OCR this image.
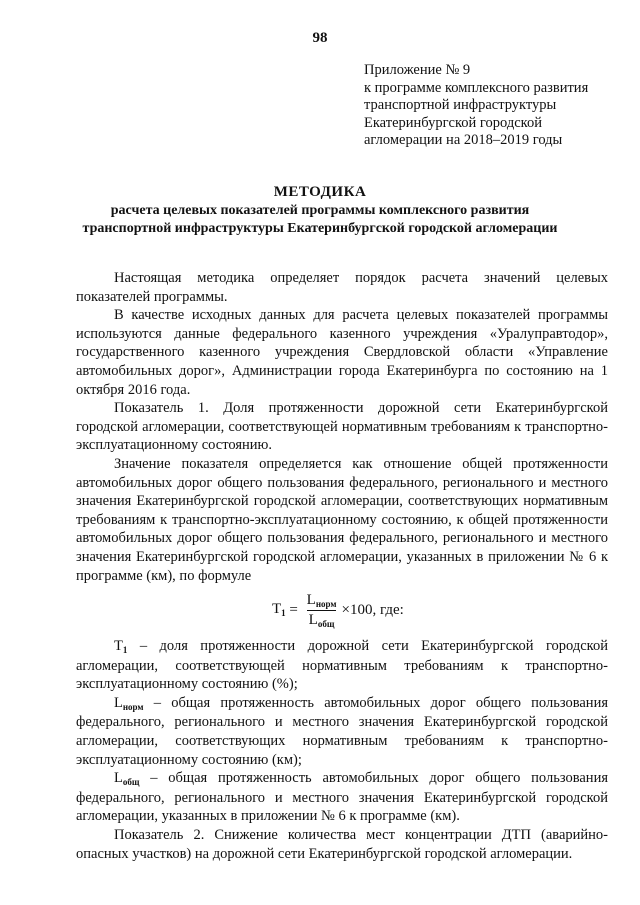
98
Приложение № 9
к программе комплексного развития
транспортной инфраструктуры
Екатеринбургской городской
агломерации на 2018–2019 годы
МЕТОДИКА
расчета целевых показателей программы комплексного развития
транспортной инфраструктуры Екатеринбургской городской агломерации

Настоящая методика определяет порядок расчета значений целевых показателей программы.

В качестве исходных данных для расчета целевых показателей программы используются данные федерального казенного учреждения «Уралуправтодор», государственного казенного учреждения Свердловской области «Управление автомобильных дорог», Администрации города Екатеринбурга по состоянию на 1 октября 2016 года.

Показатель 1. Доля протяженности дорожной сети Екатеринбургской городской агломерации, соответствующей нормативным требованиям к транспортно-эксплуатационному состоянию.

Значение показателя определяется как отношение общей протяженности автомобильных дорог общего пользования федерального, регионального и местного значения Екатеринбургской городской агломерации, соответствующих нормативным требованиям к транспортно-эксплуатационному состоянию, к общей протяженности автомобильных дорог общего пользования федерального, регионального и местного значения Екатеринбургской городской агломерации, указанных в приложении № 6 к программе (км), по формуле

$T_1 = \frac{L_{норм}}{L_{общ}} \times 100$, где:

$T_1$ – доля протяженности дорожной сети Екатеринбургской городской агломерации, соответствующей нормативным требованиям к транспортно-эксплуатационному состоянию (%);

$L_{норм}$ – общая протяженность автомобильных дорог общего пользования федерального, регионального и местного значения Екатеринбургской городской агломерации, соответствующих нормативным требованиям к транспортно-эксплуатационному состоянию (км);

$L_{общ}$ – общая протяженность автомобильных дорог общего пользования федерального, регионального и местного значения Екатеринбургской городской агломерации, указанных в приложении № 6 к программе (км).

Показатель 2. Снижение количества мест концентрации ДТП (аварийно-опасных участков) на дорожной сети Екатеринбургской городской агломерации.
